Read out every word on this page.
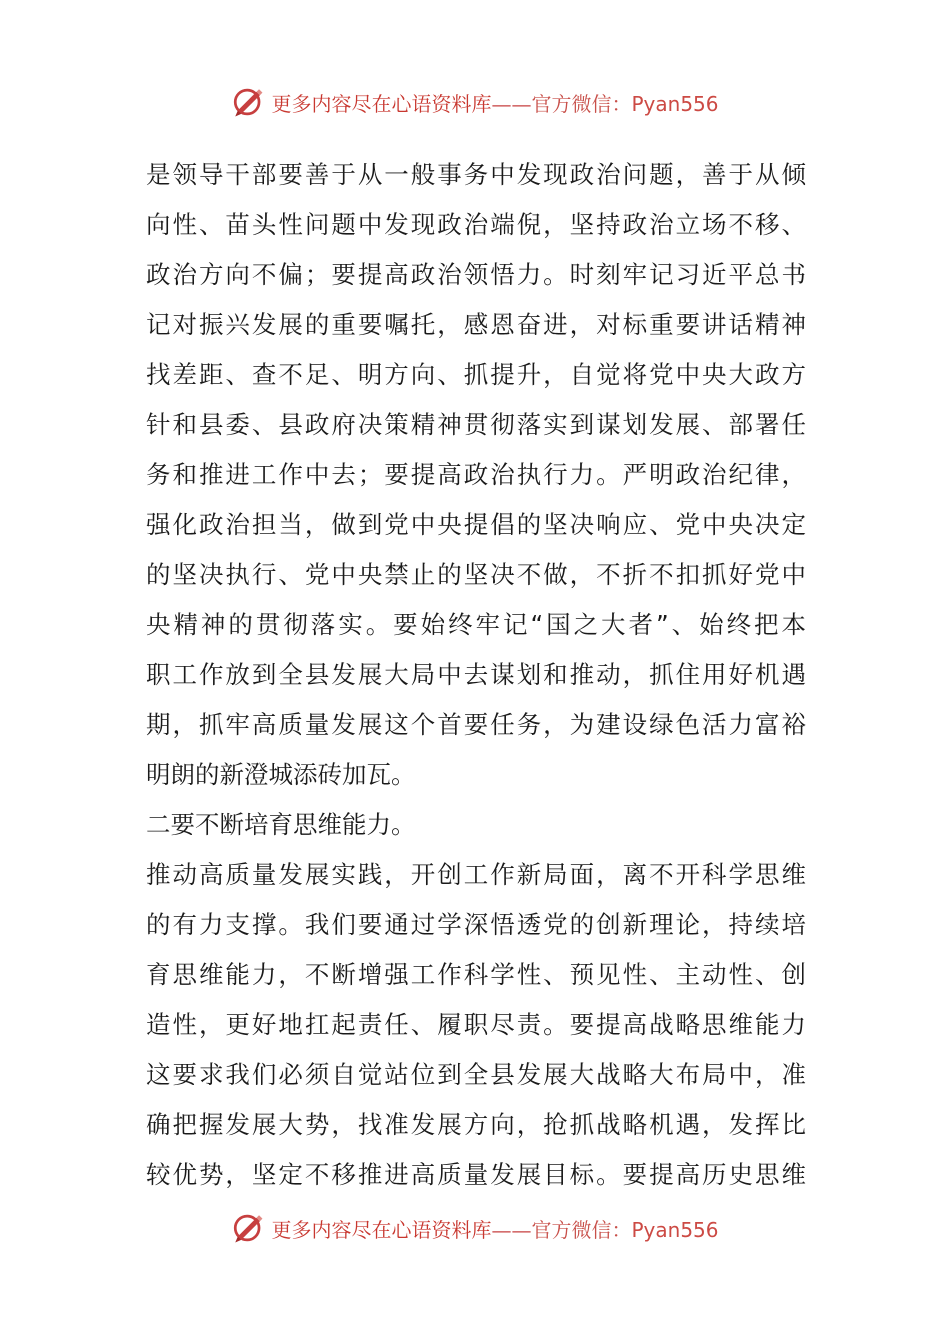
更多内容尽在心语资料库——官方微信：Pyan556
是领导干部要善于从一般事务中发现政治问题，善于从倾
向性、苗头性问题中发现政治端倪，坚持政治立场不移、
政治方向不偏；要提高政治领悟力。时刻牢记习近平总书
记对振兴发展的重要嘱托，感恩奋进，对标重要讲话精神
找差距、查不足、明方向、抓提升，自觉将党中央大政方
针和县委、县政府决策精神贯彻落实到谋划发展、部署任
务和推进工作中去；要提高政治执行力。严明政治纪律，
强化政治担当，做到党中央提倡的坚决响应、党中央决定
的坚决执行、党中央禁止的坚决不做，不折不扣抓好党中
央精神的贯彻落实。要始终牢记“国之大者”、始终把本
职工作放到全县发展大局中去谋划和推动，抓住用好机遇
期，抓牢高质量发展这个首要任务，为建设绿色活力富裕
明朗的新澄城添砖加瓦。
二要不断培育思维能力。
推动高质量发展实践，开创工作新局面，离不开科学思维
的有力支撑。我们要通过学深悟透党的创新理论，持续培
育思维能力，不断增强工作科学性、预见性、主动性、创
造性，更好地扛起责任、履职尽责。要提高战略思维能力
这要求我们必须自觉站位到全县发展大战略大布局中，准
确把握发展大势，找准发展方向，抢抓战略机遇，发挥比
较优势，坚定不移推进高质量发展目标。要提高历史思维
更多内容尽在心语资料库——官方微信：Pyan556
